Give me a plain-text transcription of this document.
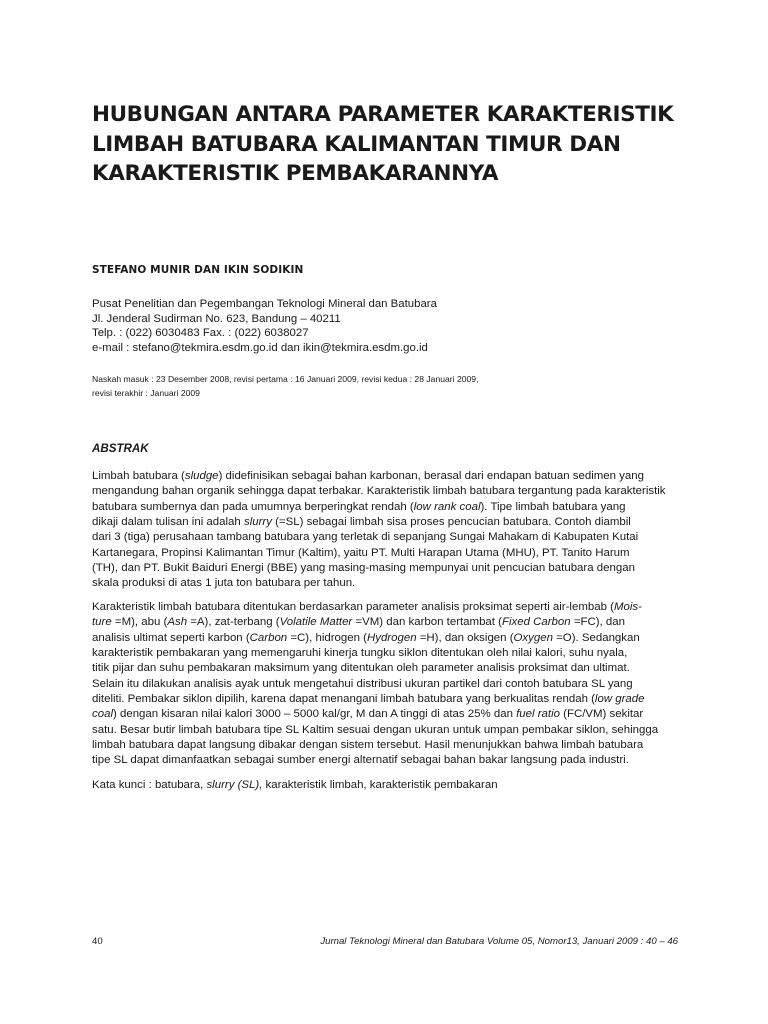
HUBUNGAN ANTARA PARAMETER KARAKTERISTIK
LIMBAH BATUBARA KALIMANTAN TIMUR DAN
KARAKTERISTIK PEMBAKARANNYA
STEFANO MUNIR DAN IKIN SODIKIN
Pusat Penelitian dan Pegembangan Teknologi Mineral dan Batubara
Jl. Jenderal Sudirman No. 623, Bandung – 40211
Telp. : (022) 6030483 Fax. : (022) 6038027
e-mail : stefano@tekmira.esdm.go.id dan ikin@tekmira.esdm.go.id
Naskah masuk : 23 Desember 2008, revisi pertama : 16 Januari 2009, revisi kedua : 28 Januari 2009,
revisi terakhir : Januari 2009
ABSTRAK
Limbah batubara (sludge) didefinisikan sebagai bahan karbonan, berasal dari endapan batuan sedimen yang
mengandung bahan organik sehingga dapat terbakar. Karakteristik limbah batubara tergantung pada karakteristik
batubara sumbernya dan pada umumnya berperingkat rendah (low rank coal). Tipe limbah batubara yang
dikaji dalam tulisan ini adalah slurry (=SL) sebagai limbah sisa proses pencucian batubara. Contoh diambil
dari 3 (tiga) perusahaan tambang batubara yang terletak di sepanjang Sungai Mahakam di Kabupaten Kutai
Kartanegara, Propinsi Kalimantan Timur (Kaltim), yaitu PT. Multi Harapan Utama (MHU), PT. Tanito Harum
(TH), dan PT. Bukit Baiduri Energi (BBE) yang masing-masing mempunyai unit pencucian batubara dengan
skala produksi di atas 1 juta ton batubara per tahun.
Karakteristik limbah batubara ditentukan berdasarkan parameter analisis proksimat seperti air-lembab (Mois-
ture =M), abu (Ash =A), zat-terbang (Volatile Matter =VM) dan karbon tertambat (Fixed Carbon =FC), dan
analisis ultimat seperti karbon (Carbon =C), hidrogen (Hydrogen =H), dan oksigen (Oxygen =O). Sedangkan
karakteristik pembakaran yang memengaruhi kinerja tungku siklon ditentukan oleh nilai kalori, suhu nyala,
titik pijar dan suhu pembakaran maksimum yang ditentukan oleh parameter analisis proksimat dan ultimat.
Selain itu dilakukan analisis ayak untuk mengetahui distribusi ukuran partikel dari contoh batubara SL yang
diteliti. Pembakar siklon dipilih, karena dapat menangani limbah batubara yang berkualitas rendah (low grade
coal) dengan kisaran nilai kalori 3000 – 5000 kal/gr, M dan A tinggi di atas 25% dan fuel ratio (FC/VM) sekitar
satu. Besar butir limbah batubara tipe SL Kaltim sesuai dengan ukuran untuk umpan pembakar siklon, sehingga
limbah batubara dapat langsung dibakar dengan sistem tersebut. Hasil menunjukkan bahwa limbah batubara
tipe SL dapat dimanfaatkan sebagai sumber energi alternatif sebagai bahan bakar langsung pada industri.
Kata kunci : batubara, slurry (SL), karakteristik limbah, karakteristik pembakaran
40	Jurnal Teknologi Mineral dan Batubara Volume 05, Nomor13, Januari 2009 : 40 – 46
